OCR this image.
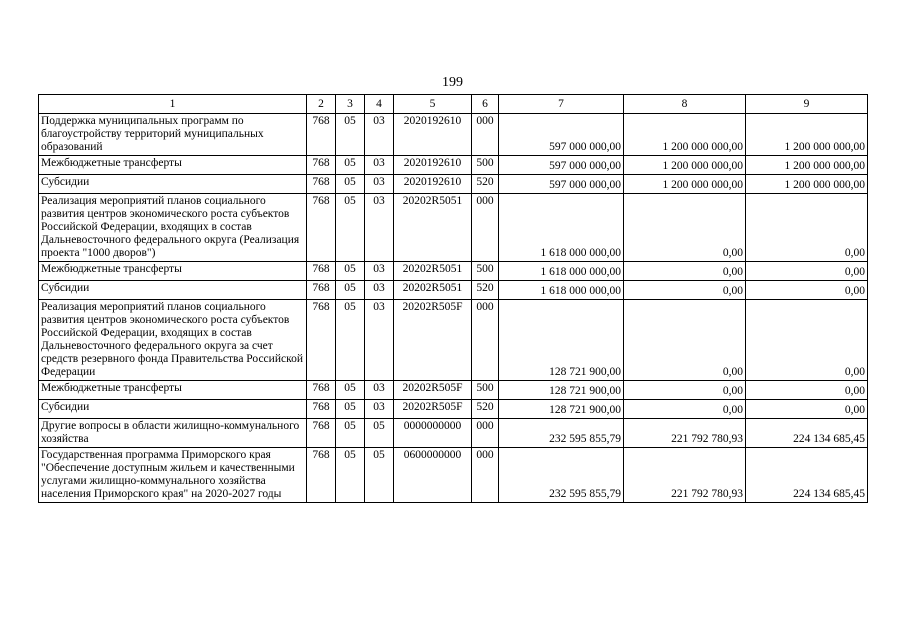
199
1	2	3	4	5	6	7	8	9
Поддержка муниципальных программ по благоустройству территорий муниципальных образований	768	05	03	2020192610	000	597 000 000,00	1 200 000 000,00	1 200 000 000,00
Межбюджетные трансферты	768	05	03	2020192610	500	597 000 000,00	1 200 000 000,00	1 200 000 000,00
Субсидии	768	05	03	2020192610	520	597 000 000,00	1 200 000 000,00	1 200 000 000,00
Реализация мероприятий планов социального развития центров экономического роста субъектов Российской Федерации, входящих в состав Дальневосточного федерального округа (Реализация проекта "1000 дворов")	768	05	03	20202R5051	000	1 618 000 000,00	0,00	0,00
Межбюджетные трансферты	768	05	03	20202R5051	500	1 618 000 000,00	0,00	0,00
Субсидии	768	05	03	20202R5051	520	1 618 000 000,00	0,00	0,00
Реализация мероприятий планов социального развития центров экономического роста субъектов Российской Федерации, входящих в состав Дальневосточного федерального округа за счет средств резервного фонда Правительства Российской Федерации	768	05	03	20202R505F	000	128 721 900,00	0,00	0,00
Межбюджетные трансферты	768	05	03	20202R505F	500	128 721 900,00	0,00	0,00
Субсидии	768	05	03	20202R505F	520	128 721 900,00	0,00	0,00
Другие вопросы в области жилищно-коммунального хозяйства	768	05	05	0000000000	000	232 595 855,79	221 792 780,93	224 134 685,45
Государственная программа Приморского края "Обеспечение доступным жильем и качественными услугами жилищно-коммунального хозяйства населения Приморского края" на 2020-2027 годы	768	05	05	0600000000	000	232 595 855,79	221 792 780,93	224 134 685,45
